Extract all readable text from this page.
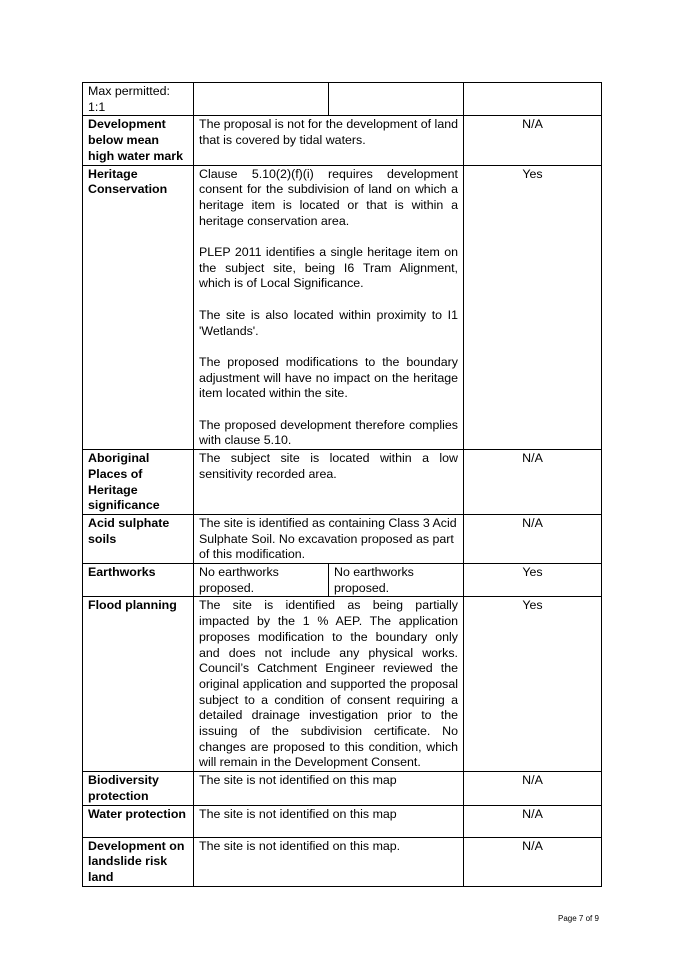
Max permitted: 1:1			
Development below mean high water mark	The proposal is not for the development of land that is covered by tidal waters.		N/A
Heritage Conservation	Clause 5.10(2)(f)(i) requires development consent for the subdivision of land on which a heritage item is located or that is within a heritage conservation area.

PLEP 2011 identifies a single heritage item on the subject site, being I6 Tram Alignment, which is of Local Significance.

The site is also located within proximity to I1 'Wetlands'.

The proposed modifications to the boundary adjustment will have no impact on the heritage item located within the site.

The proposed development therefore complies with clause 5.10.		Yes
Aboriginal Places of Heritage significance	The subject site is located within a low sensitivity recorded area.		N/A
Acid sulphate soils	The site is identified as containing Class 3 Acid Sulphate Soil. No excavation proposed as part of this modification.		N/A
Earthworks	No earthworks proposed.	No earthworks proposed.	Yes
Flood planning	The site is identified as being partially impacted by the 1 % AEP. The application proposes modification to the boundary only and does not include any physical works. Council’s Catchment Engineer reviewed the original application and supported the proposal subject to a condition of consent requiring a detailed drainage investigation prior to the issuing of the subdivision certificate. No changes are proposed to this condition, which will remain in the Development Consent.		Yes
Biodiversity protection	The site is not identified on this map		N/A
Water protection	The site is not identified on this map		N/A
Development on landslide risk land	The site is not identified on this map.		N/A
Page 7 of 9
